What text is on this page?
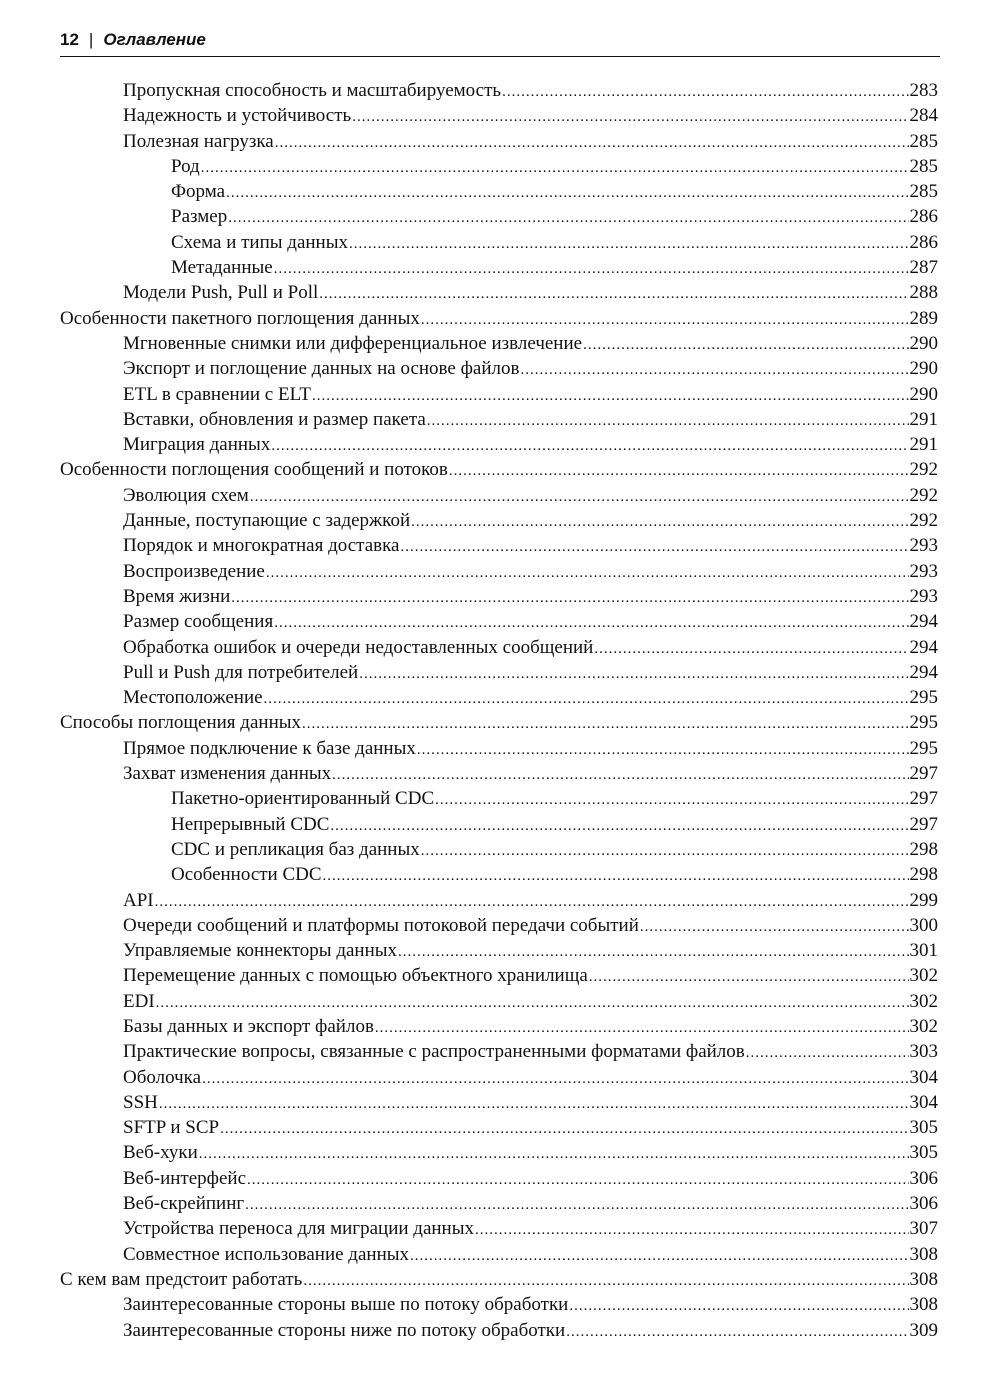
12 | Оглавление
Пропускная способность и масштабируемость .....	283
Надежность и устойчивость .....	284
Полезная нагрузка .....	285
Род .....	285
Форма .....	285
Размер .....	286
Схема и типы данных .....	286
Метаданные .....	287
Модели Push, Pull и Poll .....	288
Особенности пакетного поглощения данных .....	289
Мгновенные снимки или дифференциальное извлечение .....	290
Экспорт и поглощение данных на основе файлов .....	290
ETL в сравнении с ELT .....	290
Вставки, обновления и размер пакета .....	291
Миграция данных .....	291
Особенности поглощения сообщений и потоков .....	292
Эволюция схем .....	292
Данные, поступающие с задержкой .....	292
Порядок и многократная доставка .....	293
Воспроизведение .....	293
Время жизни .....	293
Размер сообщения .....	294
Обработка ошибок и очереди недоставленных сообщений .....	294
Pull и Push для потребителей .....	294
Местоположение .....	295
Способы поглощения данных .....	295
Прямое подключение к базе данных .....	295
Захват изменения данных .....	297
Пакетно-ориентированный CDC .....	297
Непрерывный CDC .....	297
CDC и репликация баз данных .....	298
Особенности CDC .....	298
API .....	299
Очереди сообщений и платформы потоковой передачи событий .....	300
Управляемые коннекторы данных .....	301
Перемещение данных с помощью объектного хранилища .....	302
EDI .....	302
Базы данных и экспорт файлов .....	302
Практические вопросы, связанные с распространенными форматами файлов .....	303
Оболочка .....	304
SSH .....	304
SFTP и SCP .....	305
Веб-хуки .....	305
Веб-интерфейс .....	306
Веб-скрейпинг .....	306
Устройства переноса для миграции данных .....	307
Совместное использование данных .....	308
С кем вам предстоит работать .....	308
Заинтересованные стороны выше по потоку обработки .....	308
Заинтересованные стороны ниже по потоку обработки .....	309
